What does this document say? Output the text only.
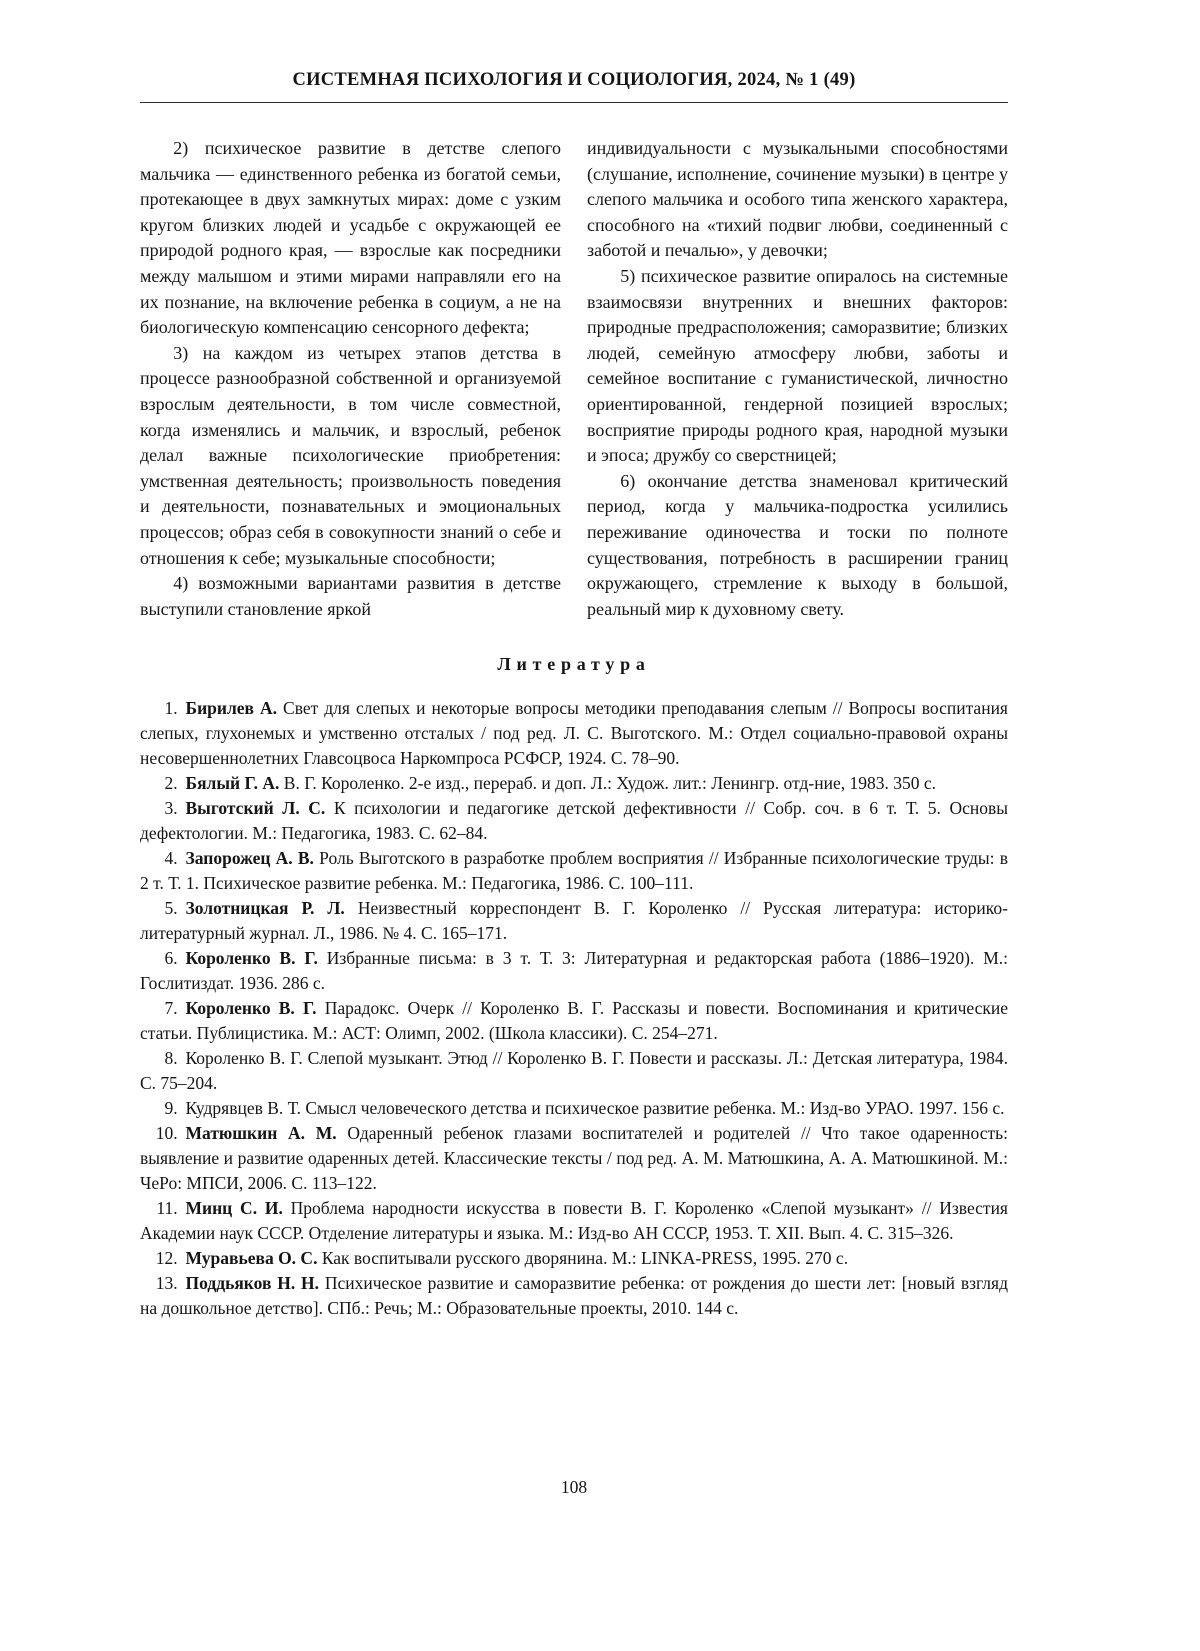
СИСТЕМНАЯ ПСИХОЛОГИЯ И СОЦИОЛОГИЯ, 2024, № 1 (49)

2) психическое развитие в детстве слепого мальчика — единственного ребенка из богатой семьи, протекающее в двух замкнутых мирах: доме с узким кругом близких людей и усадьбе с окружающей ее природой родного края, — взрослые как посредники между малышом и этими мирами направляли его на их познание, на включение ребенка в социум, а не на биологическую компенсацию сенсорного дефекта;

3) на каждом из четырех этапов детства в процессе разнообразной собственной и организуемой взрослым деятельности, в том числе совместной, когда изменялись и мальчик, и взрослый, ребенок делал важные психологические приобретения: умственная деятельность; произвольность поведения и деятельности, познавательных и эмоциональных процессов; образ себя в совокупности знаний о себе и отношения к себе; музыкальные способности;

4) возможными вариантами развития в детстве выступили становление яркой

индивидуальности с музыкальными способностями (слушание, исполнение, сочинение музыки) в центре у слепого мальчика и особого типа женского характера, способного на «тихий подвиг любви, соединенный с заботой и печалью», у девочки;

5) психическое развитие опиралось на системные взаимосвязи внутренних и внешних факторов: природные предрасположения; саморазвитие; близких людей, семейную атмосферу любви, заботы и семейное воспитание с гуманистической, личностно ориентированной, гендерной позицией взрослых; восприятие природы родного края, народной музыки и эпоса; дружбу со сверстницей;

6) окончание детства знаменовал критический период, когда у мальчика-подростка усилились переживание одиночества и тоски по полноте существования, потребность в расширении границ окружающего, стремление к выходу в большой, реальный мир к духовному свету.

Литература

1. Бирилев А. Свет для слепых и некоторые вопросы методики преподавания слепым // Вопросы воспитания слепых, глухонемых и умственно отсталых / под ред. Л. С. Выготского. М.: Отдел социально-правовой охраны несовершеннолетних Главсоцвоса Наркомпроса РСФСР, 1924. С. 78–90.

2. Бялый Г. А. В. Г. Короленко. 2-е изд., перераб. и доп. Л.: Худож. лит.: Ленингр. отд-ние, 1983. 350 с.

3. Выготский Л. С. К психологии и педагогике детской дефективности // Собр. соч. в 6 т. Т. 5. Основы дефектологии. М.: Педагогика, 1983. С. 62–84.

4. Запорожец А. В. Роль Выготского в разработке проблем восприятия // Избранные психологические труды: в 2 т. Т. 1. Психическое развитие ребенка. М.: Педагогика, 1986. С. 100–111.

5. Золотницкая Р. Л. Неизвестный корреспондент В. Г. Короленко // Русская литература: историко-литературный журнал. Л., 1986. № 4. С. 165–171.

6. Короленко В. Г. Избранные письма: в 3 т. Т. 3: Литературная и редакторская работа (1886–1920). М.: Гослитиздат. 1936. 286 с.

7. Короленко В. Г. Парадокс. Очерк // Короленко В. Г. Рассказы и повести. Воспоминания и критические статьи. Публицистика. М.: АСТ: Олимп, 2002. (Школа классики). С. 254–271.

8. Короленко В. Г. Слепой музыкант. Этюд // Короленко В. Г. Повести и рассказы. Л.: Детская литература, 1984. С. 75–204.

9. Кудрявцев В. Т. Смысл человеческого детства и психическое развитие ребенка. М.: Изд-во УРАО. 1997. 156 с.

10. Матюшкин А. М. Одаренный ребенок глазами воспитателей и родителей // Что такое одаренность: выявление и развитие одаренных детей. Классические тексты / под ред. А. М. Матюшкина, А. А. Матюшкиной. М.: ЧеРо: МПСИ, 2006. С. 113–122.

11. Минц С. И. Проблема народности искусства в повести В. Г. Короленко «Слепой музыкант» // Известия Академии наук СССР. Отделение литературы и языка. М.: Изд-во АН СССР, 1953. Т. XII. Вып. 4. С. 315–326.

12. Муравьева О. С. Как воспитывали русского дворянина. М.: LINKA-PRESS, 1995. 270 с.

13. Поддьяков Н. Н. Психическое развитие и саморазвитие ребенка: от рождения до шести лет: [новый взгляд на дошкольное детство]. СПб.: Речь; М.: Образовательные проекты, 2010. 144 с.

108
